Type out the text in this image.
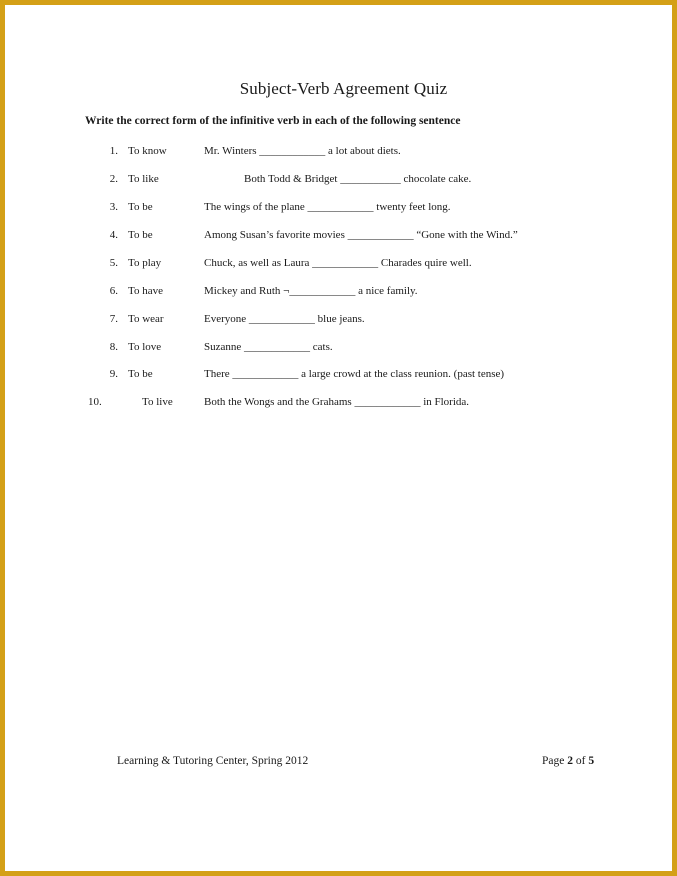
Subject-Verb Agreement Quiz
Write the correct form of the infinitive verb in each of the following sentence
1. To know	Mr. Winters ____________ a lot about diets.
2. To like	Both Todd & Bridget ___________ chocolate cake.
3. To be	The wings of the plane ____________ twenty feet long.
4. To be	Among Susan’s favorite movies ____________ “Gone with the Wind.”
5. To play	Chuck, as well as Laura ____________ Charades quire well.
6. To have	Mickey and Ruth ¬____________ a nice family.
7. To wear	Everyone ____________ blue jeans.
8. To love	Suzanne ____________ cats.
9. To be	There ____________ a large crowd at the class reunion. (past tense)
10.	To live	Both the Wongs and the Grahams ____________ in Florida.
Learning & Tutoring Center, Spring 2012	Page 2 of 5
